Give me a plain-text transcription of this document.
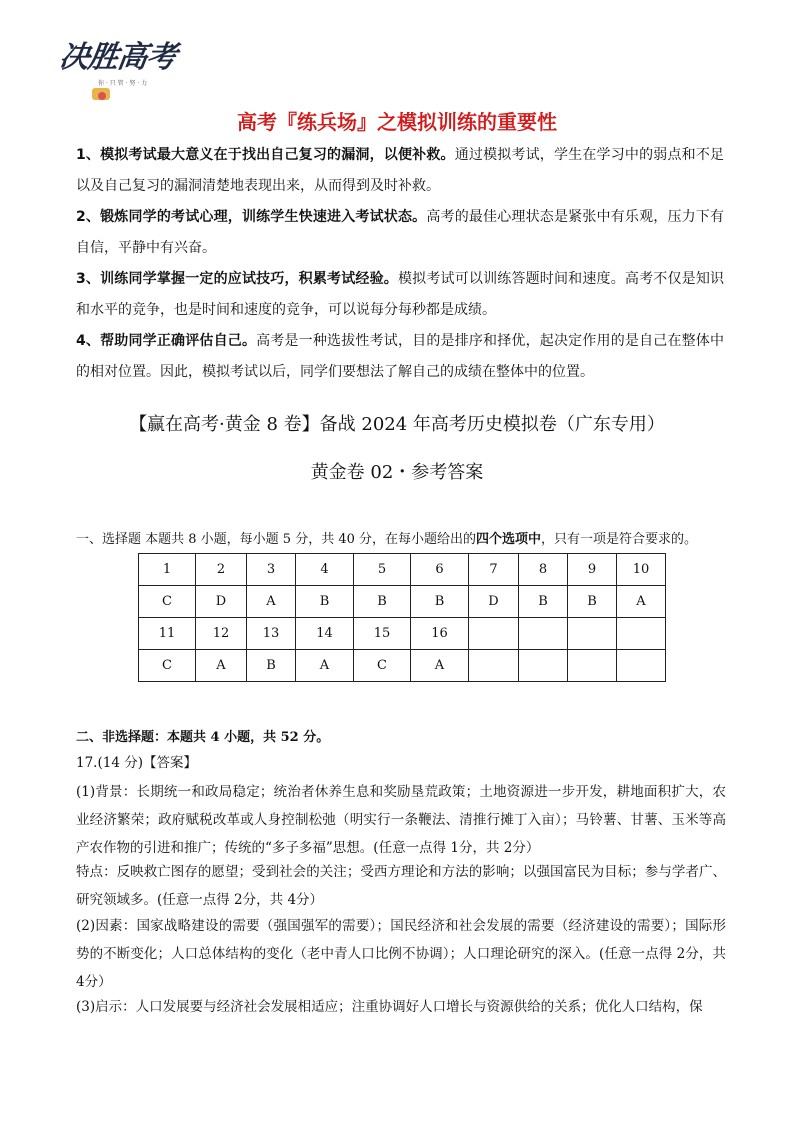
决胜高考
你 · 只 管 · 努 · 力
高考『练兵场』之模拟训练的重要性
1、模拟考试最大意义在于找出自己复习的漏洞，以便补救。通过模拟考试，学生在学习中的弱点和不足以及自己复习的漏洞清楚地表现出来，从而得到及时补救。
2、锻炼同学的考试心理，训练学生快速进入考试状态。高考的最佳心理状态是紧张中有乐观，压力下有自信，平静中有兴奋。
3、训练同学掌握一定的应试技巧，积累考试经验。模拟考试可以训练答题时间和速度。高考不仅是知识和水平的竞争，也是时间和速度的竞争，可以说每分每秒都是成绩。
4、帮助同学正确评估自己。高考是一种选拔性考试，目的是排序和择优，起决定作用的是自己在整体中的相对位置。因此，模拟考试以后，同学们要想法了解自己的成绩在整体中的位置。
【赢在高考·黄金 8 卷】备战 2024 年高考历史模拟卷（广东专用）
黄金卷 02・参考答案
一、选择题 本题共 8 小题，每小题 5 分，共 40 分，在每小题给出的四个选项中，只有一项是符合要求的。
1	2	3	4	5	6	7	8	9	10
C	D	A	B	B	B	D	B	B	A
11	12	13	14	15	16				
C	A	B	A	C	A				
二、非选择题：本题共 4 小题，共 52 分。
17.(14 分)【答案】
(1)背景：长期统一和政局稳定；统治者休养生息和奖励垦荒政策；土地资源进一步开发，耕地面积扩大，农业经济繁荣；政府赋税改革或人身控制松弛（明实行一条鞭法、清推行摊丁入亩）；马铃薯、甘薯、玉米等高产农作物的引进和推广；传统的“多子多福”思想。(任意一点得 1分，共 2分）
特点：反映救亡图存的愿望；受到社会的关注；受西方理论和方法的影响；以强国富民为目标；参与学者广、研究领域多。(任意一点得 2分，共 4分）
(2)因素：国家战略建设的需要（强国强军的需要）；国民经济和社会发展的需要（经济建设的需要）；国际形势的不断变化；人口总体结构的变化（老中青人口比例不协调）；人口理论研究的深入。(任意一点得 2分，共 4分）
(3)启示：人口发展要与经济社会发展相适应；注重协调好人口增长与资源供给的关系；优化人口结构，保
